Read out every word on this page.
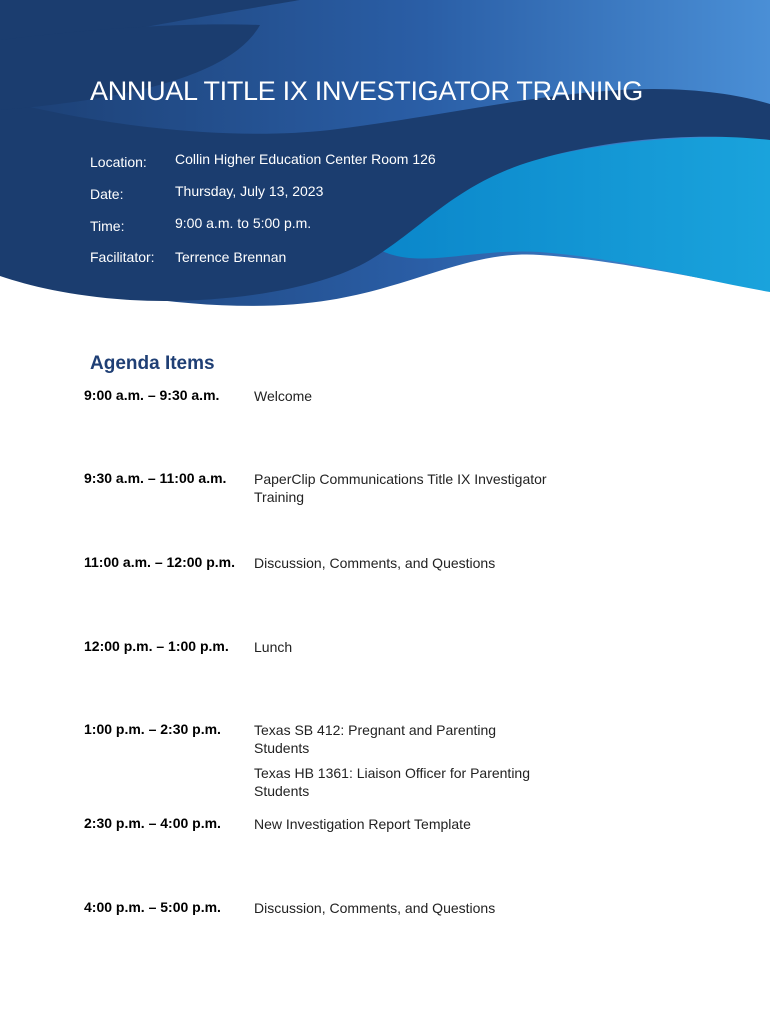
ANNUAL TITLE IX INVESTIGATOR TRAINING
Location: Collin Higher Education Center Room 126
Date:	Thursday, July 13, 2023
Time:	9:00 a.m. to 5:00 p.m.
Facilitator: Terrence Brennan
Agenda Items
9:00 a.m. – 9:30 a.m. Welcome
9:30 a.m. – 11:00 a.m. PaperClip Communications Title IX Investigator
Training
11:00 a.m. – 12:00 p.m. Discussion, Comments, and Questions
12:00 p.m. – 1:00 p.m. Lunch
1:00 p.m. – 2:30 p.m. Texas SB 412: Pregnant and Parenting
Students
Texas HB 1361: Liaison Officer for Parenting
Students
2:30 p.m. – 4:00 p.m. New Investigation Report Template
4:00 p.m. – 5:00 p.m. Discussion, Comments, and Questions
